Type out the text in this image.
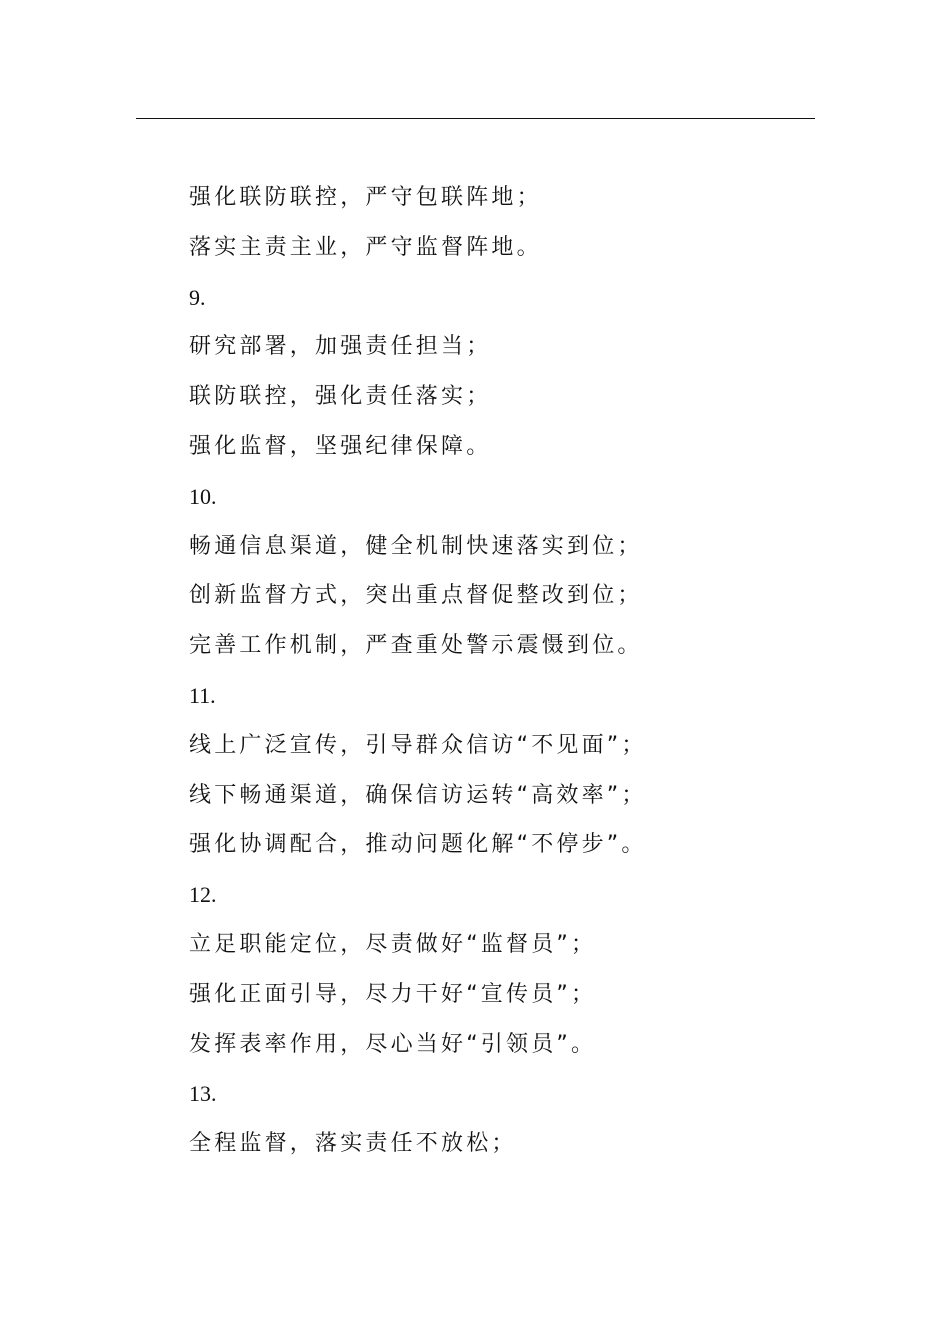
强化联防联控，严守包联阵地；
落实主责主业，严守监督阵地。
9.
研究部署，加强责任担当；
联防联控，强化责任落实；
强化监督，坚强纪律保障。
10.
畅通信息渠道，健全机制快速落实到位；
创新监督方式，突出重点督促整改到位；
完善工作机制，严查重处警示震慑到位。
11.
线上广泛宣传，引导群众信访“不见面”；
线下畅通渠道，确保信访运转“高效率”；
强化协调配合，推动问题化解“不停步”。
12.
立足职能定位，尽责做好“监督员”；
强化正面引导，尽力干好“宣传员”；
发挥表率作用，尽心当好“引领员”。
13.
全程监督，落实责任不放松；
